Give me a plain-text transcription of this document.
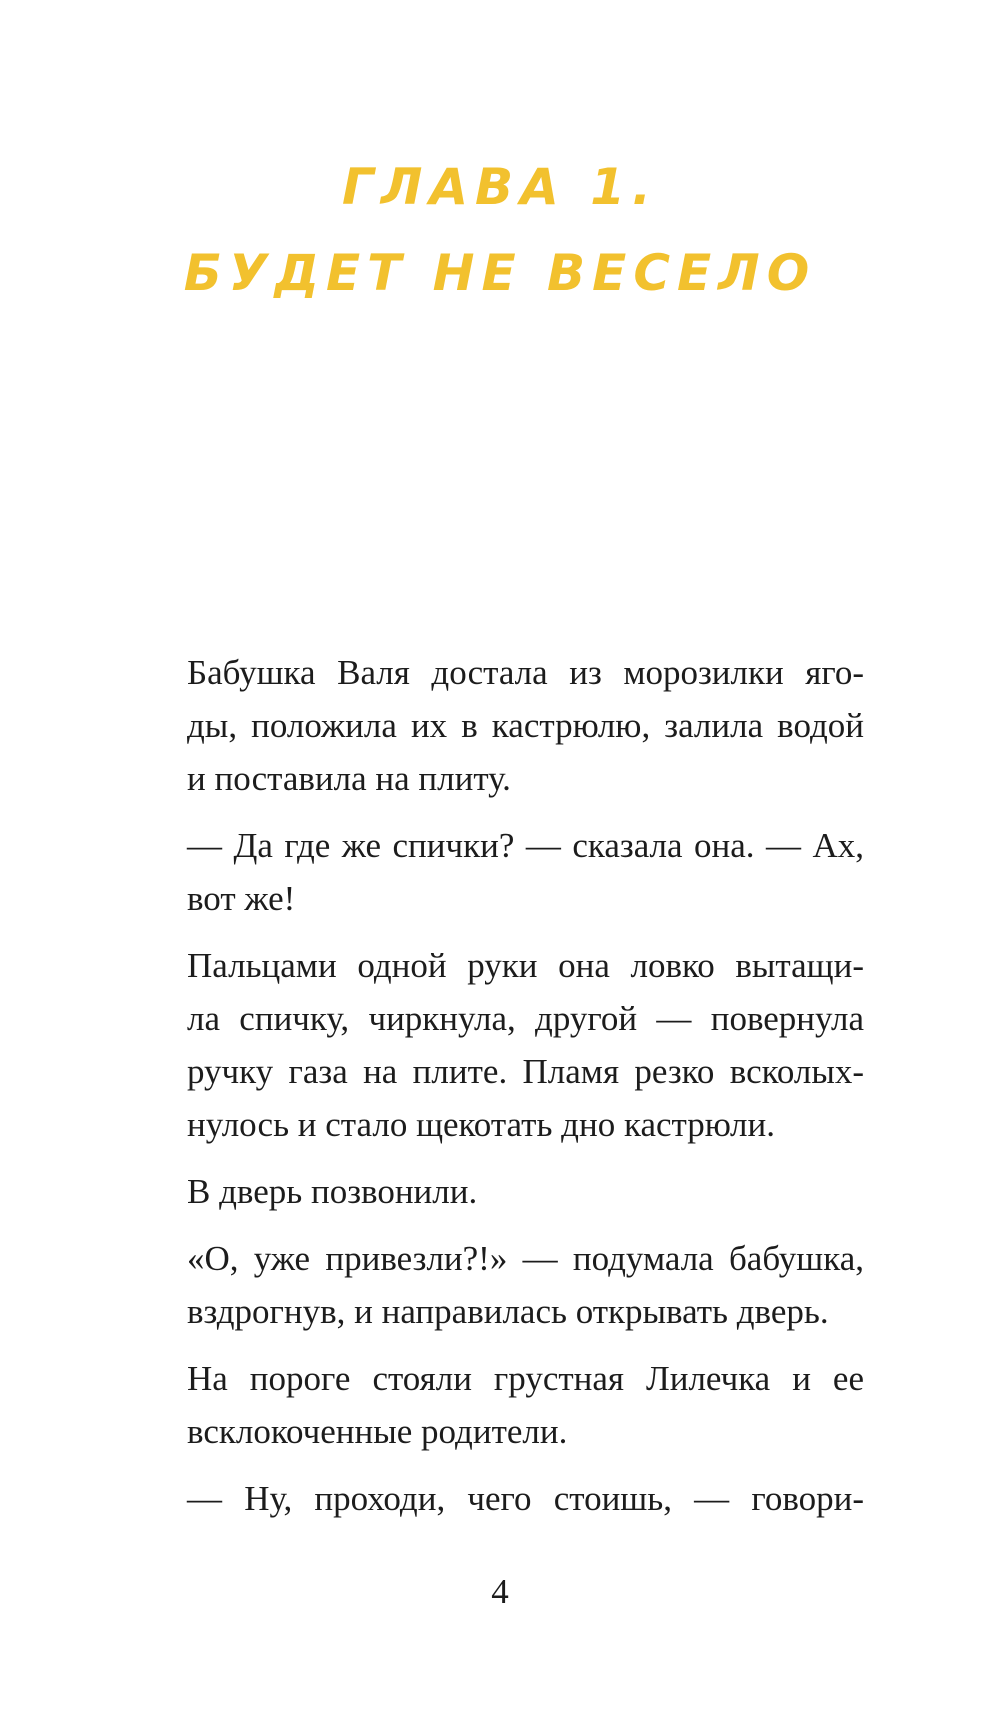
ГЛАВА 1.
БУДЕТ НЕ ВЕСЕЛО

Бабушка Валя достала из морозилки яго-
ды, положила их в кастрюлю, залила водой
и поставила на плиту.

— Да где же спички? — сказала она. — Ах,
вот же!

Пальцами одной руки она ловко вытащи-
ла спичку, чиркнула, другой — повернула
ручку газа на плите. Пламя резко всколых-
нулось и стало щекотать дно кастрюли.

В дверь позвонили.

«О, уже привезли?!» — подумала бабушка,
вздрогнув, и направилась открывать дверь.

На пороге стояли грустная Лилечка и ее
всклокоченные родители.

— Ну, проходи, чего стоишь, — говори-

4
